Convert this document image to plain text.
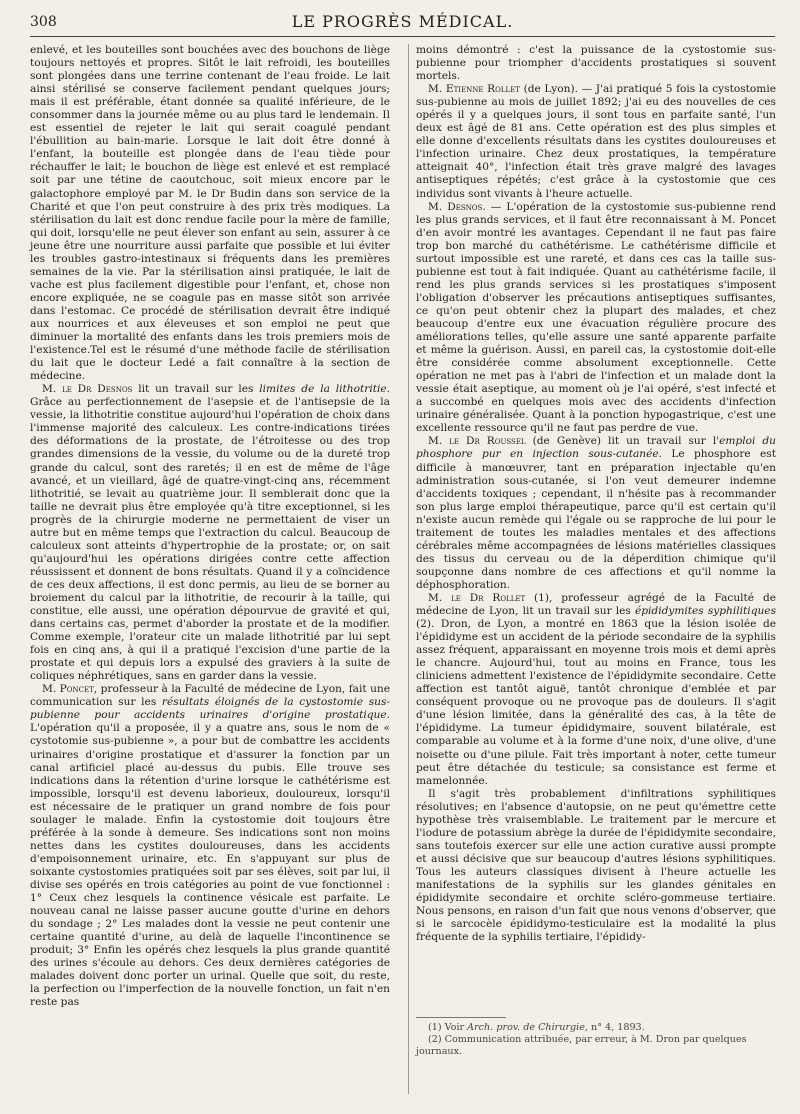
308	LE PROGRÈS MÉDICAL.

enlevé, et les bouteilles sont bouchées avec des bouchons de liège toujours nettoyés et propres. Sitôt le lait refroidi, les bouteilles sont plongées dans une terrine contenant de l'eau froide. Le lait ainsi stérilisé se conserve facilement pendant quelques jours; mais il est préférable, étant donnée sa qualité inférieure, de le consommer dans la journée même ou au plus tard le lendemain. Il est essentiel de rejeter le lait qui serait coagulé pendant l'ébullition au bain-marie. Lorsque le lait doit être donné à l'enfant, la bouteille est plongée dans de l'eau tiède pour réchauffer le lait; le bouchon de liège est enlevé et est remplacé soit par une tétine de caoutchouc, soit mieux encore par le galactophore employé par M. le Dr Budin dans son service de la Charité et que l'on peut construire à des prix très modiques. La stérilisation du lait est donc rendue facile pour la mère de famille, qui doit, lorsqu'elle ne peut élever son enfant au sein, assurer à ce jeune être une nourriture aussi parfaite que possible et lui éviter les troubles gastro-intestinaux si fréquents dans les premières semaines de la vie. Par la stérilisation ainsi pratiquée, le lait de vache est plus facilement digestible pour l'enfant, et, chose non encore expliquée, ne se coagule pas en masse sitôt son arrivée dans l'estomac. Ce procédé de stérilisation devrait être indiqué aux nourrices et aux éleveuses et son emploi ne peut que diminuer la mortalité des enfants dans les trois premiers mois de l'existence.Tel est le résumé d'une méthode facile de stérilisation du lait que le docteur Ledé a fait connaître à la section de médecine.

M. le Dr Desnos lit un travail sur les limites de la lithotritie. Grâce au perfectionnement de l'asepsie et de l'antisepsie de la vessie, la lithotritie constitue aujourd'hui l'opération de choix dans l'immense majorité des calculeux. Les contre-indications tirées des déformations de la prostate, de l'étroitesse ou des trop grandes dimensions de la vessie, du volume ou de la dureté trop grande du calcul, sont des raretés; il en est de même de l'âge avancé, et un vieillard, âgé de quatre-vingt-cinq ans, récemment lithotritié, se levait au quatrième jour. Il semblerait donc que la taille ne devrait plus être employée qu'à titre exceptionnel, si les progrès de la chirurgie moderne ne permettaient de viser un autre but en même temps que l'extraction du calcul. Beaucoup de calculeux sont atteints d'hypertrophie de la prostate; or, on sait qu'aujourd'hui les opérations dirigées contre cette affection réussissent et donnent de bons résultats. Quand il y a coïncidence de ces deux affections, il est donc permis, au lieu de se borner au broiement du calcul par la lithotritie, de recourir à la taille, qui constitue, elle aussi, une opération dépourvue de gravité et qui, dans certains cas, permet d'aborder la prostate et de la modifier. Comme exemple, l'orateur cite un malade lithotritié par lui sept fois en cinq ans, à qui il a pratiqué l'excision d'une partie de la prostate et qui depuis lors a expulsé des graviers à la suite de coliques néphrétiques, sans en garder dans la vessie.

M. Poncet, professeur à la Faculté de médecine de Lyon, fait une communication sur les résultats éloignés de la cystostomie sus-pubienne pour accidents urinaires d'origine prostatique. L'opération qu'il a proposée, il y a quatre ans, sous le nom de « cystotomie sus-pubienne », a pour but de combattre les accidents urinaires d'origine prostatique et d'assurer la fonction par un canal artificiel placé au-dessus du pubis. Elle trouve ses indications dans la rétention d'urine lorsque le cathétérisme est impossible, lorsqu'il est devenu laborieux, douloureux, lorsqu'il est nécessaire de le pratiquer un grand nombre de fois pour soulager le malade. Enfin la cystostomie doit toujours être préférée à la sonde à demeure. Ses indications sont non moins nettes dans les cystites douloureuses, dans les accidents d'empoisonnement urinaire, etc. En s'appuyant sur plus de soixante cystostomies pratiquées soit par ses élèves, soit par lui, il divise ses opérés en trois catégories au point de vue fonctionnel : 1° Ceux chez lesquels la continence vésicale est parfaite. Le nouveau canal ne laisse passer aucune goutte d'urine en dehors du sondage ; 2° Les malades dont la vessie ne peut contenir une certaine quantité d'urine, au delà de laquelle l'incontinence se produit; 3° Enfin les opérés chez lesquels la plus grande quantité des urines s'écoule au dehors. Ces deux dernières catégories de malades doivent donc porter un urinal. Quelle que soit, du reste, la perfection ou l'imperfection de la nouvelle fonction, un fait n'en reste pas

moins démontré : c'est la puissance de la cystostomie sus-pubienne pour triompher d'accidents prostatiques si souvent mortels.

M. Etienne Rollet (de Lyon). — J'ai pratiqué 5 fois la cystostomie sus-pubienne au mois de juillet 1892; j'ai eu des nouvelles de ces opérés il y a quelques jours, il sont tous en parfaite santé, l'un deux est âgé de 81 ans. Cette opération est des plus simples et elle donne d'excellents résultats dans les cystites douloureuses et l'infection urinaire. Chez deux prostatiques, la température atteignait 40°, l'infection était très grave malgré des lavages antiseptiques répétés; c'est grâce à la cystostomie que ces individus sont vivants à l'heure actuelle.

M. Desnos. — L'opération de la cystostomie sus-pubienne rend les plus grands services, et il faut être reconnaissant à M. Poncet d'en avoir montré les avantages. Cependant il ne faut pas faire trop bon marché du cathétérisme. Le cathétérisme difficile et surtout impossible est une rareté, et dans ces cas la taille sus-pubienne est tout à fait indiquée. Quant au cathétérisme facile, il rend les plus grands services si les prostatiques s'imposent l'obligation d'observer les précautions antiseptiques suffisantes, ce qu'on peut obtenir chez la plupart des malades, et chez beaucoup d'entre eux une évacuation régulière procure des améliorations telles, qu'elle assure une santé apparente parfaite et même la guérison. Aussi, en pareil cas, la cystostomie doit-elle être considérée comme absolument exceptionnelle. Cette opération ne met pas à l'abri de l'infection et un malade dont la vessie était aseptique, au moment où je l'ai opéré, s'est infecté et a succombé en quelques mois avec des accidents d'infection urinaire généralisée. Quant à la ponction hypogastrique, c'est une excellente ressource qu'il ne faut pas perdre de vue.

M. le Dr Roussel (de Genève) lit un travail sur l'emploi du phosphore pur en injection sous-cutanée. Le phosphore est difficile à manœuvrer, tant en préparation injectable qu'en administration sous-cutanée, si l'on veut demeurer indemne d'accidents toxiques ; cependant, il n'hésite pas à recommander son plus large emploi thérapeutique, parce qu'il est certain qu'il n'existe aucun remède qui l'égale ou se rapproche de lui pour le traitement de toutes les maladies mentales et des affections cérébrales même accompagnées de lésions matérielles classiques des tissus du cerveau ou de la déperdition chimique qu'il soupçonne dans nombre de ces affections et qu'il nomme la déphosphoration.

M. le Dr Rollet (1), professeur agrégé de la Faculté de médecine de Lyon, lit un travail sur les épididymites syphilitiques (2). Dron, de Lyon, a montré en 1863 que la lésion isolée de l'épididyme est un accident de la période secondaire de la syphilis assez fréquent, apparaissant en moyenne trois mois et demi après le chancre. Aujourd'hui, tout au moins en France, tous les cliniciens admettent l'existence de l'épididymite secondaire. Cette affection est tantôt aiguë, tantôt chronique d'emblée et par conséquent provoque ou ne provoque pas de douleurs. Il s'agit d'une lésion limitée, dans la généralité des cas, à la tête de l'épididyme. La tumeur épididymaire, souvent bilatérale, est comparable au volume et à la forme d'une noix, d'une olive, d'une noisette ou d'une pilule. Fait très important à noter, cette tumeur peut être détachée du testicule; sa consistance est ferme et mamelonnée.

Il s'agit très probablement d'infiltrations syphilitiques résolutives; en l'absence d'autopsie, on ne peut qu'émettre cette hypothèse très vraisemblable. Le traitement par le mercure et l'iodure de potassium abrège la durée de l'épididymite secondaire, sans toutefois exercer sur elle une action curative aussi prompte et aussi décisive que sur beaucoup d'autres lésions syphilitiques. Tous les auteurs classiques divisent à l'heure actuelle les manifestations de la syphilis sur les glandes génitales en épididymite secondaire et orchite scléro-gommeuse tertiaire. Nous pensons, en raison d'un fait que nous venons d'observer, que si le sarcocèle épididymo-testiculaire est la modalité la plus fréquente de la syphilis tertiaire, l'épididy-

(1) Voir Arch. prov. de Chirurgie, n° 4, 1893.

(2) Communication attribuée, par erreur, à M. Dron par quelques journaux.
